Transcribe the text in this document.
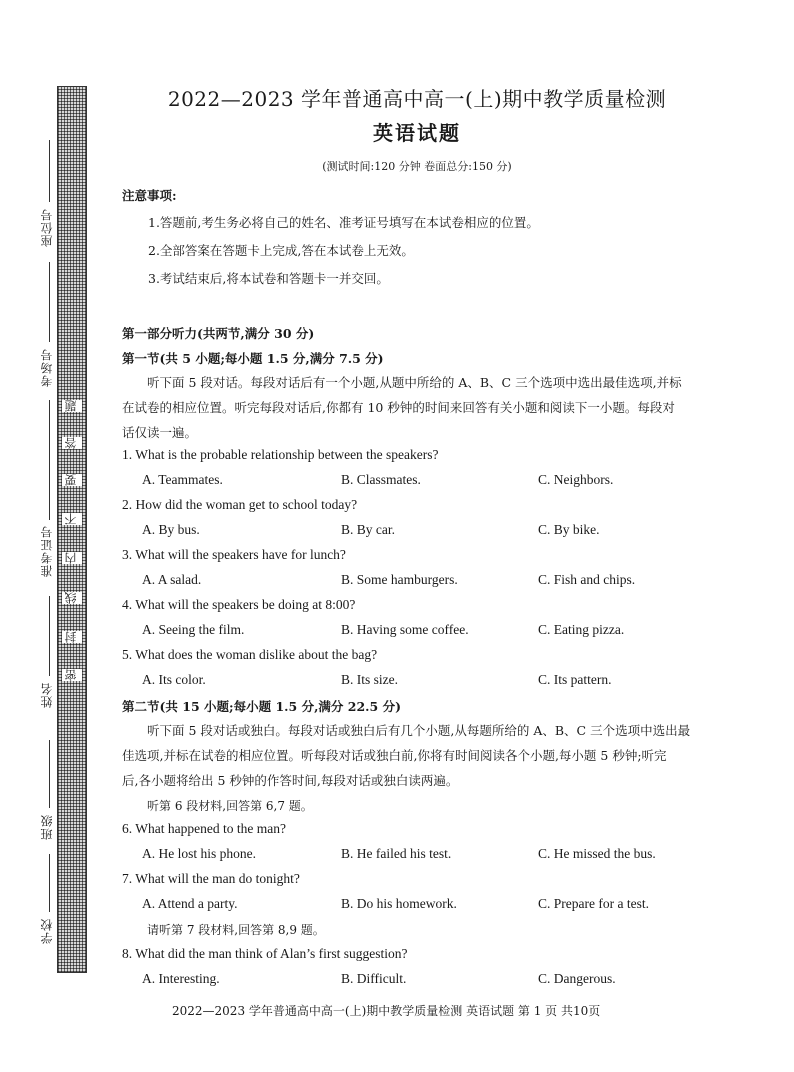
座位号
考场号
准考证号
姓名
班级
学校
题
答
要
不
内
线
封
密
2022—2023 学年普通高中高一(上)期中教学质量检测
英语试题
(测试时间:120 分钟 卷面总分:150 分)
注意事项:
1.答题前,考生务必将自己的姓名、准考证号填写在本试卷相应的位置。
2.全部答案在答题卡上完成,答在本试卷上无效。
3.考试结束后,将本试卷和答题卡一并交回。
第一部分听力(共两节,满分 30 分)
第一节(共 5 小题;每小题 1.5 分,满分 7.5 分)
听下面 5 段对话。每段对话后有一个小题,从题中所给的 A、B、C 三个选项中选出最佳选项,并标
在试卷的相应位置。听完每段对话后,你都有 10 秒钟的时间来回答有关小题和阅读下一小题。每段对
话仅读一遍。
1. What is the probable relationship between the speakers?
A. Teammates.	B. Classmates.	C. Neighbors.
2. How did the woman get to school today?
A. By bus.	B. By car.	C. By bike.
3. What will the speakers have for lunch?
A. A salad.	B. Some hamburgers.	C. Fish and chips.
4. What will the speakers be doing at 8:00?
A. Seeing the film.	B. Having some coffee.	C. Eating pizza.
5. What does the woman dislike about the bag?
A. Its color.	B. Its size.	C. Its pattern.
第二节(共 15 小题;每小题 1.5 分,满分 22.5 分)
听下面 5 段对话或独白。每段对话或独白后有几个小题,从每题所给的 A、B、C 三个选项中选出最
佳选项,并标在试卷的相应位置。听每段对话或独白前,你将有时间阅读各个小题,每小题 5 秒钟;听完
后,各小题将给出 5 秒钟的作答时间,每段对话或独白读两遍。
听第 6 段材料,回答第 6,7 题。
6. What happened to the man?
A. He lost his phone.	B. He failed his test.	C. He missed the bus.
7. What will the man do tonight?
A. Attend a party.	B. Do his homework.	C. Prepare for a test.
请听第 7 段材料,回答第 8,9 题。
8. What did the man think of Alan’s first suggestion?
A. Interesting.	B. Difficult.	C. Dangerous.
2022—2023 学年普通高中高一(上)期中教学质量检测 英语试题 第 1 页 共10页
